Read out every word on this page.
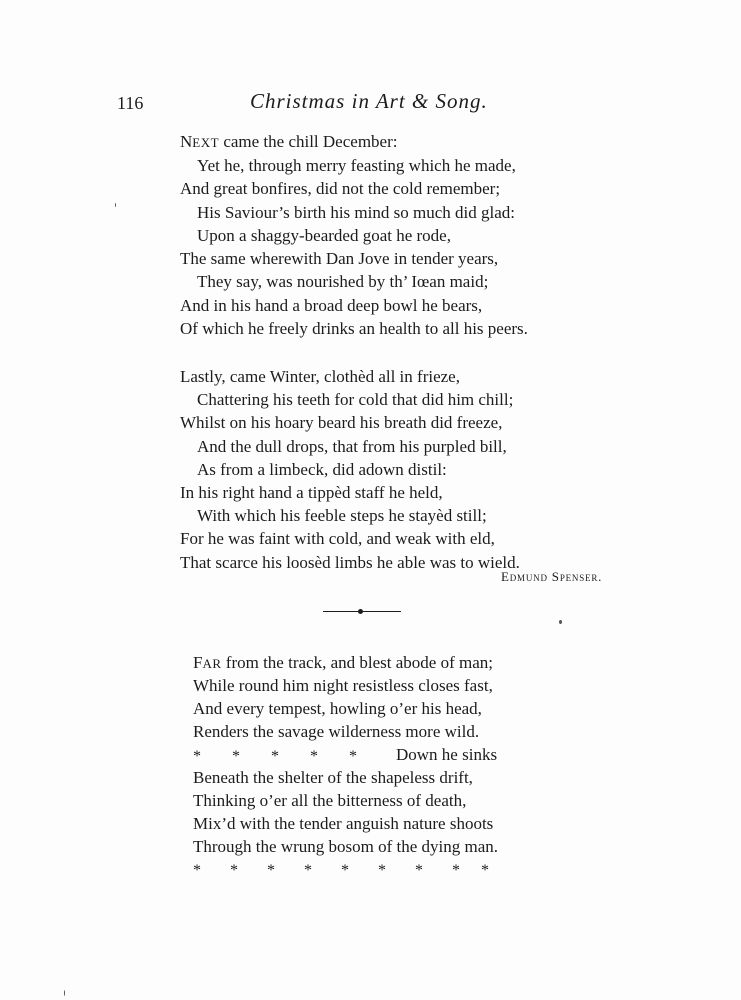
116	Christmas in Art & Song.
NEXT came the chill December:
Yet he, through merry feasting which he made,
And great bonfires, did not the cold remember;
His Saviour’s birth his mind so much did glad:
Upon a shaggy-bearded goat he rode,
The same wherewith Dan Jove in tender years,
They say, was nourished by th’ Iœan maid;
And in his hand a broad deep bowl he bears,
Of which he freely drinks an health to all his peers.
Lastly, came Winter, clothèd all in frieze,
Chattering his teeth for cold that did him chill;
Whilst on his hoary beard his breath did freeze,
And the dull drops, that from his purpled bill,
As from a limbeck, did adown distil:
In his right hand a tippèd staff he held,
With which his feeble steps he stayèd still;
For he was faint with cold, and weak with eld,
That scarce his loosèd limbs he able was to wield.
Edmund Spenser.
FAR from the track, and blest abode of man;
While round him night resistless closes fast,
And every tempest, howling o’er his head,
Renders the savage wilderness more wild.
* * * * * Down he sinks
Beneath the shelter of the shapeless drift,
Thinking o’er all the bitterness of death,
Mix’d with the tender anguish nature shoots
Through the wrung bosom of the dying man.
* * * * * * * * *
